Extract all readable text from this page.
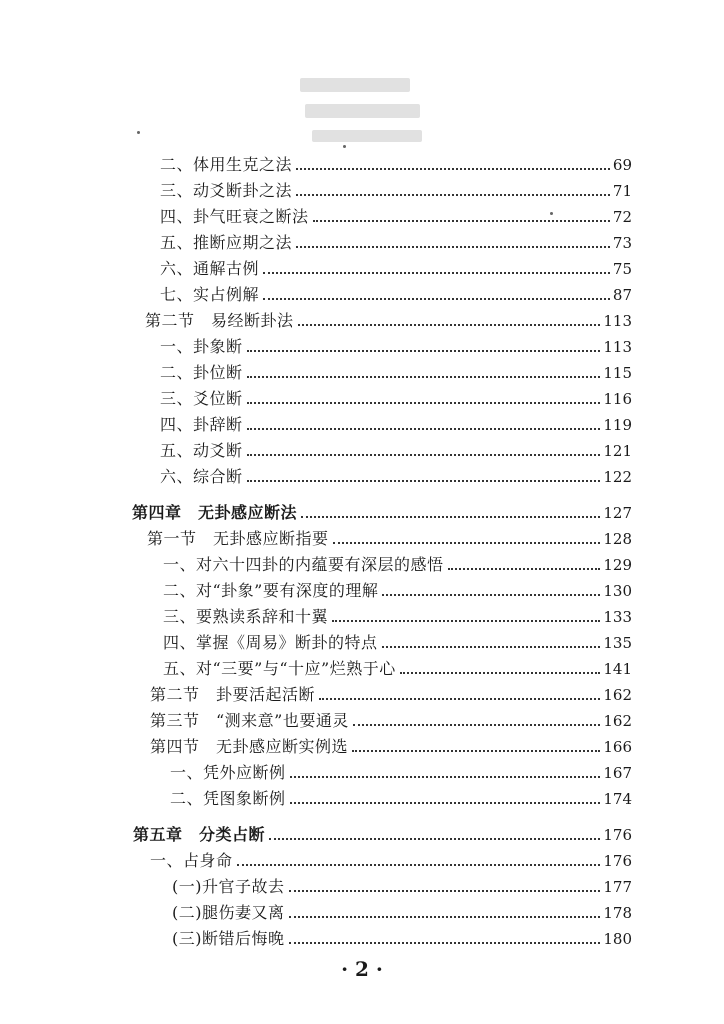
二、体用生克之法	69
三、动爻断卦之法	71
四、卦气旺衰之断法	72
五、推断应期之法	73
六、通解古例	75
七、实占例解	87
第二节　易经断卦法	113
一、卦象断	113
二、卦位断	115
三、爻位断	116
四、卦辞断	119
五、动爻断	121
六、综合断	122
第四章　无卦感应断法	127
第一节　无卦感应断指要	128
一、对六十四卦的内蕴要有深层的感悟	129
二、对“卦象”要有深度的理解	130
三、要熟读系辞和十翼	133
四、掌握《周易》断卦的特点	135
五、对“三要”与“十应”烂熟于心	141
第二节　卦要活起活断	162
第三节　“测来意”也要通灵	162
第四节　无卦感应断实例选	166
一、凭外应断例	167
二、凭图象断例	174
第五章　分类占断	176
一、占身命	176
(一)升官子故去	177
(二)腿伤妻又离	178
(三)断错后悔晚	180
· 2 ·
